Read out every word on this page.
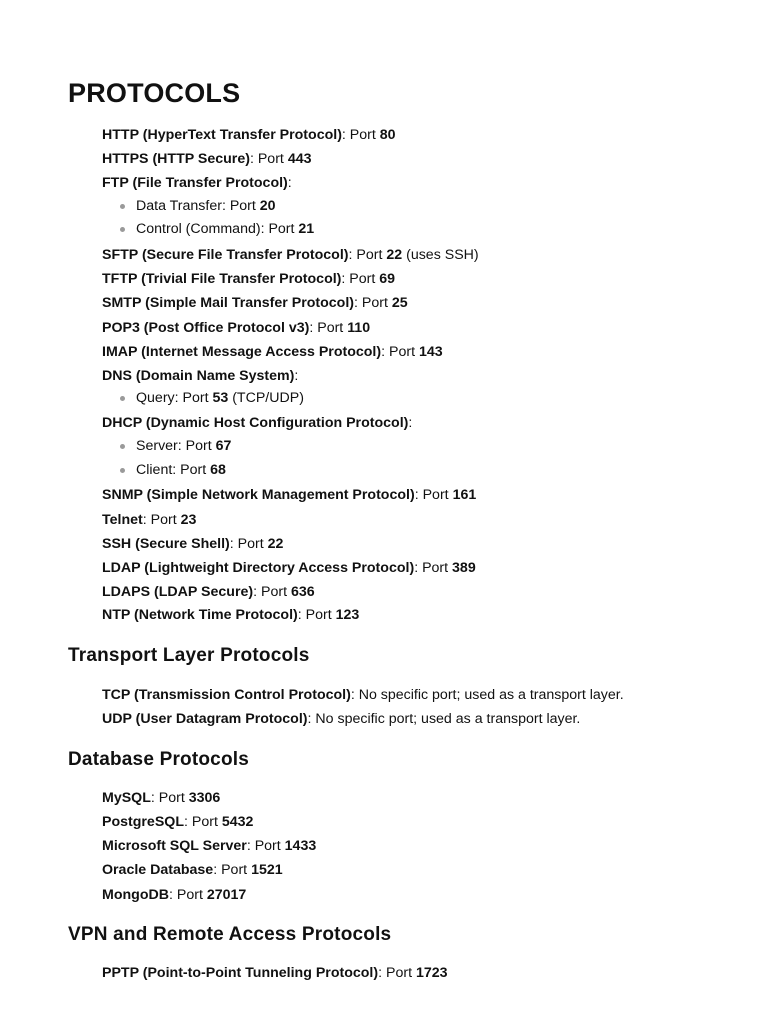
PROTOCOLS
HTTP (HyperText Transfer Protocol): Port 80
HTTPS (HTTP Secure): Port 443
FTP (File Transfer Protocol):
Data Transfer: Port 20
Control (Command): Port 21
SFTP (Secure File Transfer Protocol): Port 22 (uses SSH)
TFTP (Trivial File Transfer Protocol): Port 69
SMTP (Simple Mail Transfer Protocol): Port 25
POP3 (Post Office Protocol v3): Port 110
IMAP (Internet Message Access Protocol): Port 143
DNS (Domain Name System):
Query: Port 53 (TCP/UDP)
DHCP (Dynamic Host Configuration Protocol):
Server: Port 67
Client: Port 68
SNMP (Simple Network Management Protocol): Port 161
Telnet: Port 23
SSH (Secure Shell): Port 22
LDAP (Lightweight Directory Access Protocol): Port 389
LDAPS (LDAP Secure): Port 636
NTP (Network Time Protocol): Port 123
Transport Layer Protocols
TCP (Transmission Control Protocol): No specific port; used as a transport layer.
UDP (User Datagram Protocol): No specific port; used as a transport layer.
Database Protocols
MySQL: Port 3306
PostgreSQL: Port 5432
Microsoft SQL Server: Port 1433
Oracle Database: Port 1521
MongoDB: Port 27017
VPN and Remote Access Protocols
PPTP (Point-to-Point Tunneling Protocol): Port 1723
